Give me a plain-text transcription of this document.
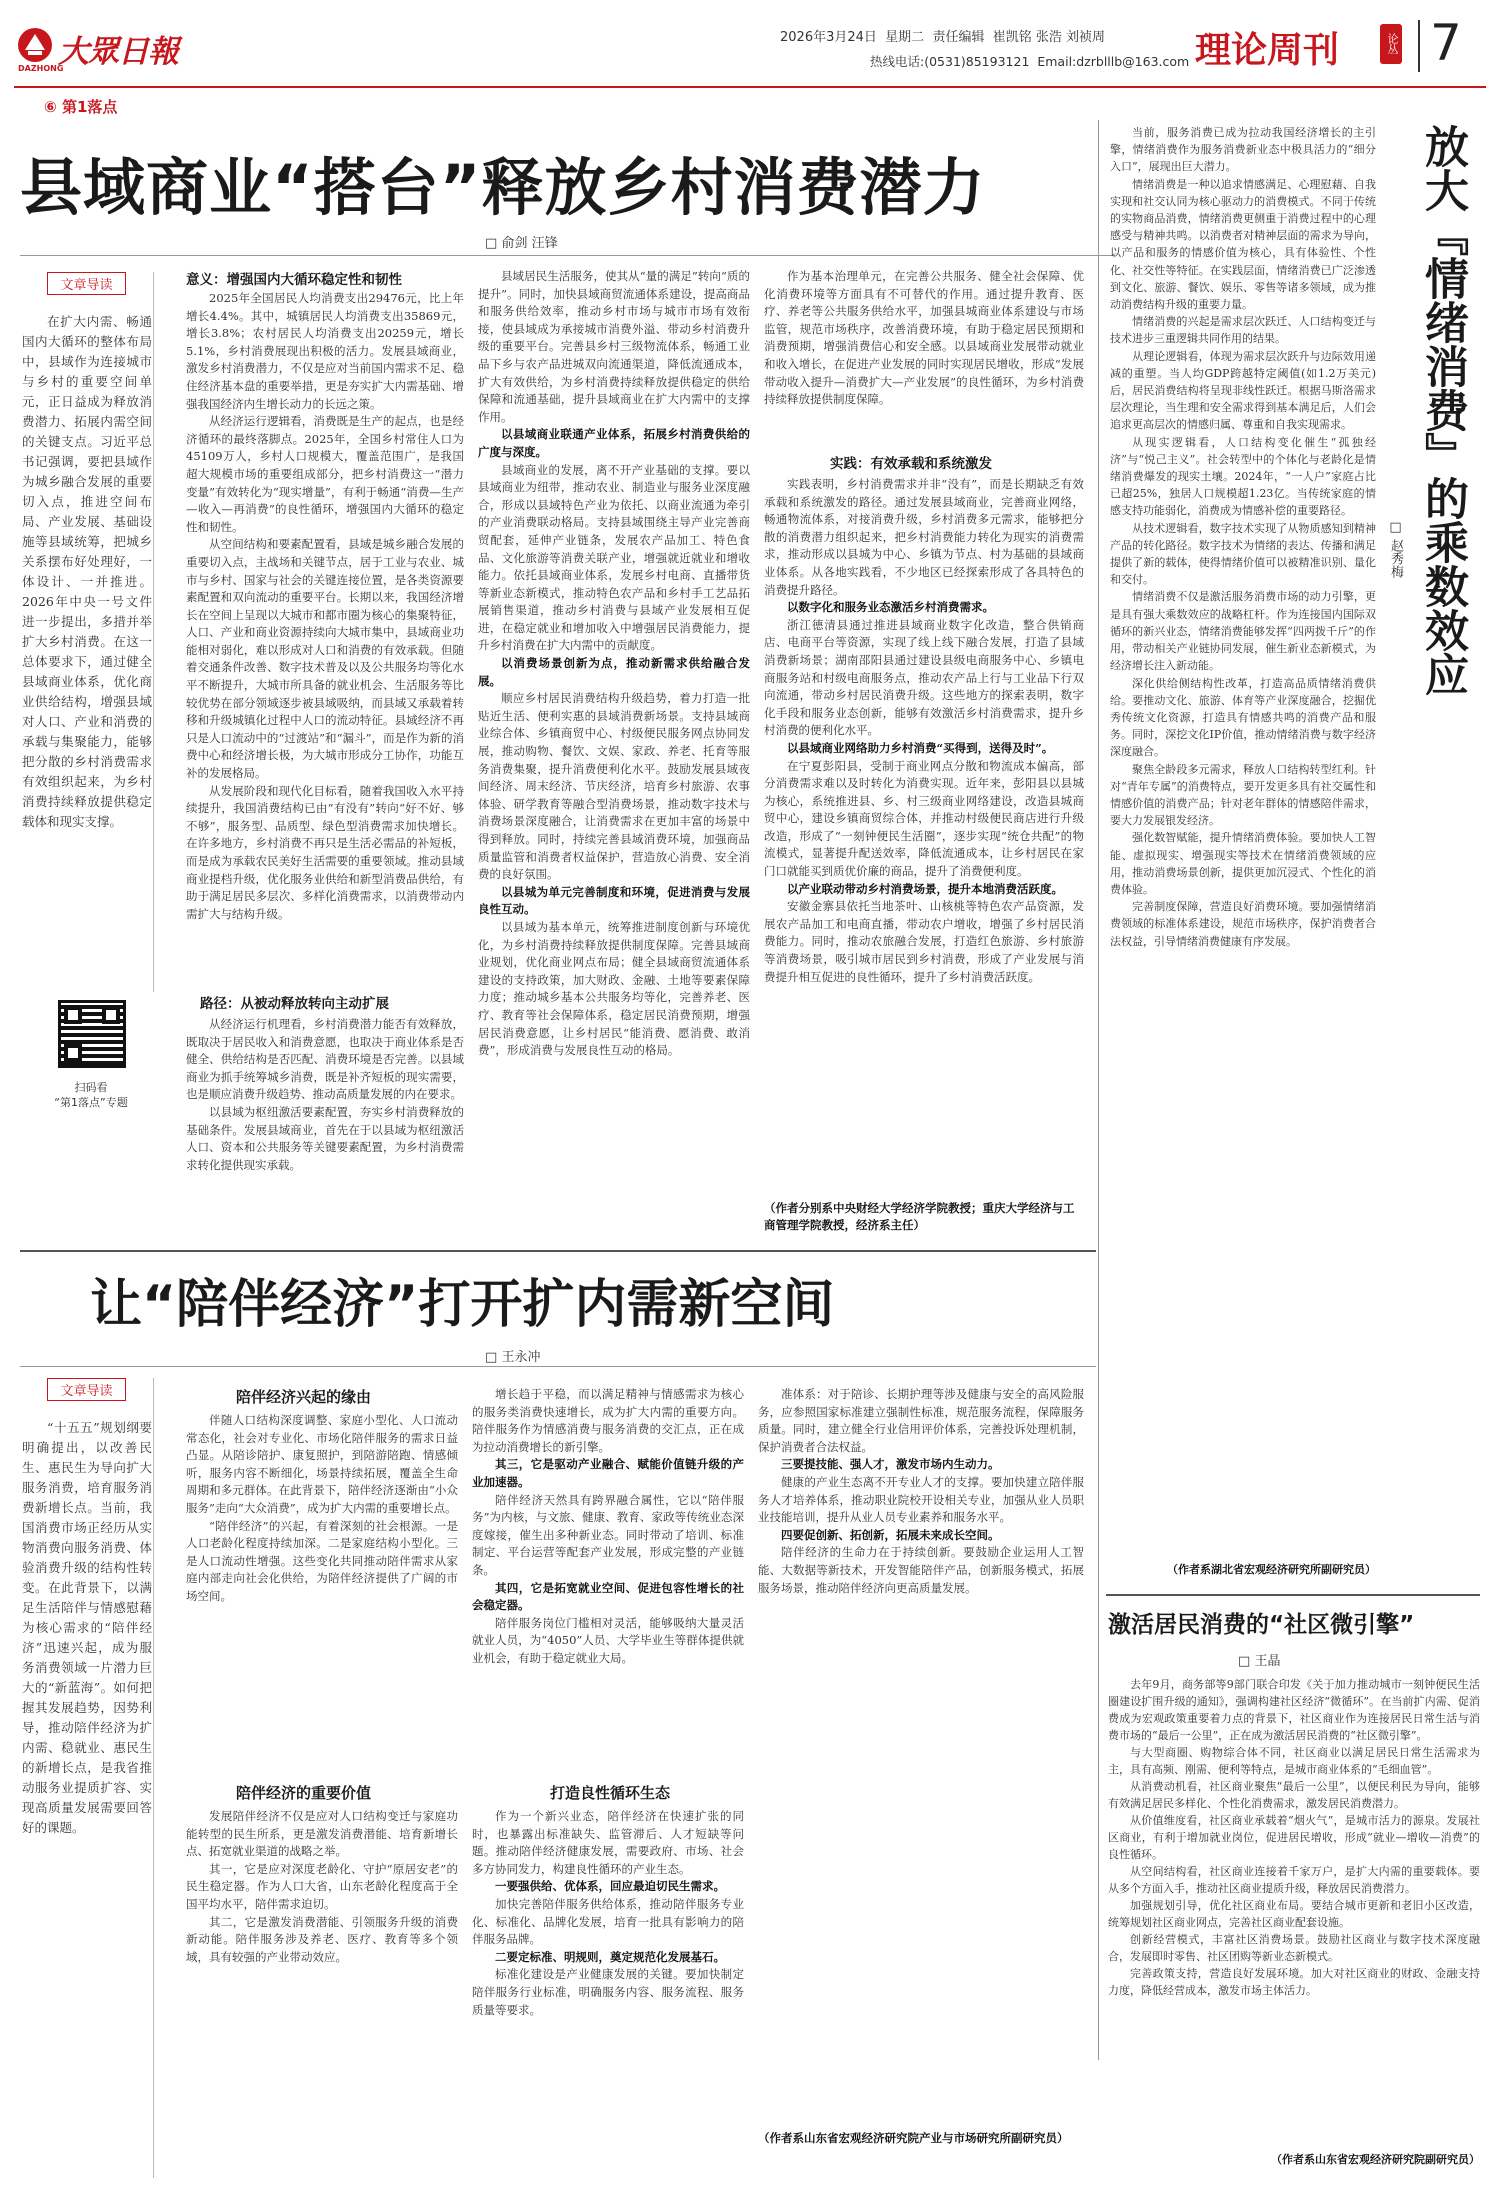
大眾日報
DAZHONG
2026年3月24日 星期二 责任编辑 崔凯铭 张浩 刘祯周
热线电话:(0531)85193121 Email:dzrblllb@163.com 理论周刊	论丛 7
⑥ 第1落点
县域商业“搭台”释放乡村消费潜力
□ 俞剑 汪锋
文章导读

在扩大内需、畅通国内大循环的整体布局中，县域作为连接城市与乡村的重要空间单元，正日益成为释放消费潜力、拓展内需空间的关键支点。习近平总书记强调，要把县域作为城乡融合发展的重要切入点，推进空间布局、产业发展、基础设施等县域统筹，把城乡关系摆布好处理好，一体设计、一并推进。2026年中央一号文件进一步提出，多措并举扩大乡村消费。在这一总体要求下，通过健全县域商业体系，优化商业供给结构，增强县域对人口、产业和消费的承载与集聚能力，能够把分散的乡村消费需求有效组织起来，为乡村消费持续释放提供稳定载体和现实支撑。

扫码看
“第1落点”专题
意义：增强国内大循环稳定性和韧性

2025年全国居民人均消费支出29476元，比上年增长4.4%。其中，城镇居民人均消费支出35869元，增长3.8%；农村居民人均消费支出20259元，增长5.1%，乡村消费展现出积极的活力。发展县域商业，激发乡村消费潜力，不仅是应对当前国内需求不足、稳住经济基本盘的重要举措，更是夯实扩大内需基础、增强我国经济内生增长动力的长远之策。

从经济运行逻辑看，消费既是生产的起点，也是经济循环的最终落脚点。2025年，全国乡村常住人口为45109万人，乡村人口规模大，覆盖范围广，是我国超大规模市场的重要组成部分，把乡村消费这一“潜力变量”有效转化为“现实增量”，有利于畅通“消费—生产—收入—再消费”的良性循环，增强国内大循环的稳定性和韧性。

从空间结构和要素配置看，县域是城乡融合发展的重要切入点，主战场和关键节点，居于工业与农业、城市与乡村、国家与社会的关键连接位置，是各类资源要素配置和双向流动的重要平台。长期以来，我国经济增长在空间上呈现以大城市和都市圈为核心的集聚特征，人口、产业和商业资源持续向大城市集中，县域商业功能相对弱化，难以形成对人口和消费的有效承载。但随着交通条件改善、数字技术普及以及公共服务均等化水平不断提升，大城市所具备的就业机会、生活服务等比较优势在部分领域逐步被县域吸纳，而县域又承载着转移和升级城镇化过程中人口的流动特征。县域经济不再只是人口流动中的“过渡站”和“漏斗”，而是作为新的消费中心和经济增长极，为大城市形成分工协作，功能互补的发展格局。

从发展阶段和现代化目标看，随着我国收入水平持续提升，我国消费结构已由“有没有”转向“好不好、够不够”，服务型、品质型、绿色型消费需求加快增长。在许多地方，乡村消费不再只是生活必需品的补短板，而是成为承载农民美好生活需要的重要领域。推动县域商业提档升级，优化服务业供给和新型消费品供给，有助于满足居民多层次、多样化消费需求，以消费带动内需扩大与结构升级。

路径：从被动释放转向主动扩展

从经济运行机理看，乡村消费潜力能否有效释放，既取决于居民收入和消费意愿，也取决于商业体系是否健全、供给结构是否匹配、消费环境是否完善。以县域商业为抓手统筹城乡消费，既是补齐短板的现实需要，也是顺应消费升级趋势、推动高质量发展的内在要求。

以县域为枢纽激活要素配置，夯实乡村消费释放的基础条件。发展县域商业，首先在于以县域为枢纽激活人口、资本和公共服务等关键要素配置，为乡村消费需求转化提供现实承载。

县域居民生活服务，使其从“量的满足”转向“质的提升”。同时，加快县域商贸流通体系建设，提高商品和服务供给效率，推动乡村市场与城市市场有效衔接，使县域成为承接城市消费外溢、带动乡村消费升级的重要平台。完善县乡村三级物流体系，畅通工业品下乡与农产品进城双向流通渠道，降低流通成本，扩大有效供给，为乡村消费持续释放提供稳定的供给保障和流通基础，提升县域商业在扩大内需中的支撑作用。

以县域商业联通产业体系，拓展乡村消费供给的广度与深度。

县域商业的发展，离不开产业基础的支撑。要以县域商业为纽带，推动农业、制造业与服务业深度融合，形成以县域特色产业为依托、以商业流通为牵引的产业消费联动格局。支持县域围绕主导产业完善商贸配套，延伸产业链条，发展农产品加工、特色食品、文化旅游等消费关联产业，增强就近就业和增收能力。依托县域商业体系，发展乡村电商、直播带货等新业态新模式，推动特色农产品和乡村手工艺品拓展销售渠道，推动乡村消费与县域产业发展相互促进，在稳定就业和增加收入中增强居民消费能力，提升乡村消费在扩大内需中的贡献度。

以消费场景创新为点，推动新需求供给融合发展。

顺应乡村居民消费结构升级趋势，着力打造一批贴近生活、便利实惠的县域消费新场景。支持县域商业综合体、乡镇商贸中心、村级便民服务网点协同发展，推动购物、餐饮、文娱、家政、养老、托育等服务消费集聚，提升消费便利化水平。鼓励发展县域夜间经济、周末经济、节庆经济，培育乡村旅游、农事体验、研学教育等融合型消费场景，推动数字技术与消费场景深度融合，让消费需求在更加丰富的场景中得到释放。同时，持续完善县域消费环境，加强商品质量监管和消费者权益保护，营造放心消费、安全消费的良好氛围。

以县城为单元完善制度和环境，促进消费与发展良性互动。

以县域为基本单元，统筹推进制度创新与环境优化，为乡村消费持续释放提供制度保障。完善县域商业规划，优化商业网点布局；健全县域商贸流通体系建设的支持政策，加大财政、金融、土地等要素保障力度；推动城乡基本公共服务均等化，完善养老、医疗、教育等社会保障体系，稳定居民消费预期，增强居民消费意愿，让乡村居民“能消费、愿消费、敢消费”，形成消费与发展良性互动的格局。

作为基本治理单元，在完善公共服务、健全社会保障、优化消费环境等方面具有不可替代的作用。通过提升教育、医疗、养老等公共服务供给水平，加强县城商业体系建设与市场监管，规范市场秩序，改善消费环境，有助于稳定居民预期和消费预期，增强消费信心和安全感。以县域商业发展带动就业和收入增长，在促进产业发展的同时实现居民增收，形成“发展带动收入提升—消费扩大—产业发展”的良性循环，为乡村消费持续释放提供制度保障。

实践：有效承载和系统激发

实践表明，乡村消费需求并非“没有”，而是长期缺乏有效承载和系统激发的路径。通过发展县域商业，完善商业网络，畅通物流体系，对接消费升级，乡村消费多元需求，能够把分散的消费潜力组织起来，把乡村消费能力转化为现实的消费需求，推动形成以县城为中心、乡镇为节点、村为基础的县域商业体系。从各地实践看，不少地区已经探索形成了各具特色的消费提升路径。

以数字化和服务业态激活乡村消费需求。

浙江德清县通过推进县域商业数字化改造，整合供销商店、电商平台等资源，实现了线上线下融合发展，打造了县域消费新场景；湖南邵阳县通过建设县级电商服务中心、乡镇电商服务站和村级电商服务点，推动农产品上行与工业品下行双向流通，带动乡村居民消费升级。这些地方的探索表明，数字化手段和服务业态创新，能够有效激活乡村消费需求，提升乡村消费的便利化水平。

以县域商业网络助力乡村消费“买得到，送得及时”。

在宁夏彭阳县，受制于商业网点分散和物流成本偏高，部分消费需求难以及时转化为消费实现。近年来，彭阳县以县城为核心，系统推进县、乡、村三级商业网络建设，改造县城商贸中心，建设乡镇商贸综合体，并推动村级便民商店进行升级改造，形成了“一刻钟便民生活圈”，逐步实现“统仓共配”的物流模式，显著提升配送效率，降低流通成本，让乡村居民在家门口就能买到质优价廉的商品，提升了消费便利度。

以产业联动带动乡村消费场景，提升本地消费活跃度。

安徽金寨县依托当地茶叶、山核桃等特色农产品资源，发展农产品加工和电商直播，带动农户增收，增强了乡村居民消费能力。同时，推动农旅融合发展，打造红色旅游、乡村旅游等消费场景，吸引城市居民到乡村消费，形成了产业发展与消费提升相互促进的良性循环，提升了乡村消费活跃度。

（作者分别系中央财经大学经济学院教授；重庆大学经济与工商管理学院教授，经济系主任）

当前，服务消费已成为拉动我国经济增长的主引擎，情绪消费作为服务消费新业态中极具活力的“细分入口”，展现出巨大潜力。

情绪消费是一种以追求情感满足、心理慰藉、自我实现和社交认同为核心驱动力的消费模式。不同于传统的实物商品消费，情绪消费更侧重于消费过程中的心理感受与精神共鸣。以消费者对精神层面的需求为导向，以产品和服务的情感价值为核心，具有体验性、个性化、社交性等特征。在实践层面，情绪消费已广泛渗透到文化、旅游、餐饮、娱乐、零售等诸多领域，成为推动消费结构升级的重要力量。

情绪消费的兴起是需求层次跃迁、人口结构变迁与技术进步三重逻辑共同作用的结果。

从理论逻辑看，体现为需求层次跃升与边际效用递减的重塑。当人均GDP跨越特定阈值(如1.2万美元)后，居民消费结构将呈现非线性跃迁。根据马斯洛需求层次理论，当生理和安全需求得到基本满足后，人们会追求更高层次的情感归属、尊重和自我实现需求。

从现实逻辑看，人口结构变化催生“孤独经济”与“悦己主义”。社会转型中的个体化与老龄化是情绪消费爆发的现实土壤。2024年，“一人户”家庭占比已超25%，独居人口规模超1.23亿。当传统家庭的情感支持功能弱化，消费成为情感补偿的重要路径。

从技术逻辑看，数字技术实现了从物质感知到精神产品的转化路径。数字技术为情绪的表达、传播和满足提供了新的载体，使得情绪价值可以被精准识别、量化和交付。

情绪消费不仅是激活服务消费市场的动力引擎，更是具有强大乘数效应的战略杠杆。作为连接国内国际双循环的新兴业态，情绪消费能够发挥“四两拨千斤”的作用，带动相关产业链协同发展，催生新业态新模式，为经济增长注入新动能。

深化供给侧结构性改革，打造高品质情绪消费供给。要推动文化、旅游、体育等产业深度融合，挖掘优秀传统文化资源，打造具有情感共鸣的消费产品和服务。同时，深挖文化IP价值，推动情绪消费与数字经济深度融合。

聚焦全龄段多元需求，释放人口结构转型红利。针对“青年专属”的消费特点，要开发更多具有社交属性和情感价值的消费产品；针对老年群体的情感陪伴需求，要大力发展银发经济。

强化数智赋能，提升情绪消费体验。要加快人工智能、虚拟现实、增强现实等技术在情绪消费领域的应用，推动消费场景创新，提供更加沉浸式、个性化的消费体验。

完善制度保障，营造良好消费环境。要加强情绪消费领域的标准体系建设，规范市场秩序，保护消费者合法权益，引导情绪消费健康有序发展。

（作者系湖北省宏观经济研究所副研究员）
放大『情绪消费』的乘数效应
□ 赵秀梅
让“陪伴经济”打开扩内需新空间
□ 王永冲
文章导读

“十五五”规划纲要明确提出，以改善民生、惠民生为导向扩大服务消费，培育服务消费新增长点。当前，我国消费市场正经历从实物消费向服务消费、体验消费升级的结构性转变。在此背景下，以满足生活陪伴与情感慰藉为核心需求的“陪伴经济”迅速兴起，成为服务消费领域一片潜力巨大的“新蓝海”。如何把握其发展趋势，因势利导，推动陪伴经济为扩内需、稳就业、惠民生的新增长点，是我省推动服务业提质扩容、实现高质量发展需要回答好的课题。

陪伴经济兴起的缘由

伴随人口结构深度调整、家庭小型化、人口流动常态化，社会对专业化、市场化陪伴服务的需求日益凸显。从陪诊陪护、康复照护，到陪游陪跑、情感倾听，服务内容不断细化，场景持续拓展，覆盖全生命周期和多元群体。在此背景下，陪伴经济逐渐由“小众服务”走向“大众消费”，成为扩大内需的重要增长点。

“陪伴经济”的兴起，有着深刻的社会根源。一是人口老龄化程度持续加深。二是家庭结构小型化。三是人口流动性增强。这些变化共同推动陪伴需求从家庭内部走向社会化供给，为陪伴经济提供了广阔的市场空间。

陪伴经济的重要价值

发展陪伴经济不仅是应对人口结构变迁与家庭功能转型的民生所系，更是激发消费潜能、培育新增长点、拓宽就业渠道的战略之举。

其一，它是应对深度老龄化、守护“原居安老”的民生稳定器。作为人口大省，山东老龄化程度高于全国平均水平，陪伴需求迫切。

其二，它是激发消费潜能、引领服务升级的消费新动能。陪伴服务涉及养老、医疗、教育等多个领域，具有较强的产业带动效应。

增长趋于平稳，而以满足精神与情感需求为核心的服务类消费快速增长，成为扩大内需的重要方向。陪伴服务作为情感消费与服务消费的交汇点，正在成为拉动消费增长的新引擎。

其三，它是驱动产业融合、赋能价值链升级的产业加速器。

陪伴经济天然具有跨界融合属性，它以“陪伴服务”为内核，与文旅、健康、教育、家政等传统业态深度嫁接，催生出多种新业态。同时带动了培训、标准制定、平台运营等配套产业发展，形成完整的产业链条。

其四，它是拓宽就业空间、促进包容性增长的社会稳定器。

陪伴服务岗位门槛相对灵活，能够吸纳大量灵活就业人员，为“4050”人员、大学毕业生等群体提供就业机会，有助于稳定就业大局。

打造良性循环生态

作为一个新兴业态，陪伴经济在快速扩张的同时，也暴露出标准缺失、监管滞后、人才短缺等问题。推动陪伴经济健康发展，需要政府、市场、社会多方协同发力，构建良性循环的产业生态。

一要强供给、优体系，回应最迫切民生需求。

加快完善陪伴服务供给体系，推动陪伴服务专业化、标准化、品牌化发展，培育一批具有影响力的陪伴服务品牌。

二要定标准、明规则，奠定规范化发展基石。

标准化建设是产业健康发展的关键。要加快制定陪伴服务行业标准，明确服务内容、服务流程、服务质量等要求。

准体系：对于陪诊、长期护理等涉及健康与安全的高风险服务，应参照国家标准建立强制性标准，规范服务流程，保障服务质量。同时，建立健全行业信用评价体系，完善投诉处理机制，保护消费者合法权益。

三要提技能、强人才，激发市场内生动力。

健康的产业生态离不开专业人才的支撑。要加快建立陪伴服务人才培养体系，推动职业院校开设相关专业，加强从业人员职业技能培训，提升从业人员专业素养和服务水平。

四要促创新、拓创新，拓展未来成长空间。

陪伴经济的生命力在于持续创新。要鼓励企业运用人工智能、大数据等新技术，开发智能陪伴产品，创新服务模式，拓展服务场景，推动陪伴经济向更高质量发展。

（作者系山东省宏观经济研究院产业与市场研究所副研究员）
激活居民消费的“社区微引擎”
□ 王晶

去年9月，商务部等9部门联合印发《关于加力推动城市一刻钟便民生活圈建设扩围升级的通知》，强调构建社区经济“微循环”。在当前扩内需、促消费成为宏观政策重要着力点的背景下，社区商业作为连接居民日常生活与消费市场的“最后一公里”，正在成为激活居民消费的“社区微引擎”。

与大型商圈、购物综合体不同，社区商业以满足居民日常生活需求为主，具有高频、刚需、便利等特点，是城市商业体系的“毛细血管”。

从消费动机看，社区商业聚焦“最后一公里”，以便民利民为导向，能够有效满足居民多样化、个性化消费需求，激发居民消费潜力。

从价值维度看，社区商业承载着“烟火气”，是城市活力的源泉。发展社区商业，有利于增加就业岗位，促进居民增收，形成“就业—增收—消费”的良性循环。

从空间结构看，社区商业连接着千家万户，是扩大内需的重要载体。要从多个方面入手，推动社区商业提质升级，释放居民消费潜力。

加强规划引导，优化社区商业布局。要结合城市更新和老旧小区改造，统筹规划社区商业网点，完善社区商业配套设施。

创新经营模式，丰富社区消费场景。鼓励社区商业与数字技术深度融合，发展即时零售、社区团购等新业态新模式。

完善政策支持，营造良好发展环境。加大对社区商业的财政、金融支持力度，降低经营成本，激发市场主体活力。

（作者系山东省宏观经济研究院副研究员）
